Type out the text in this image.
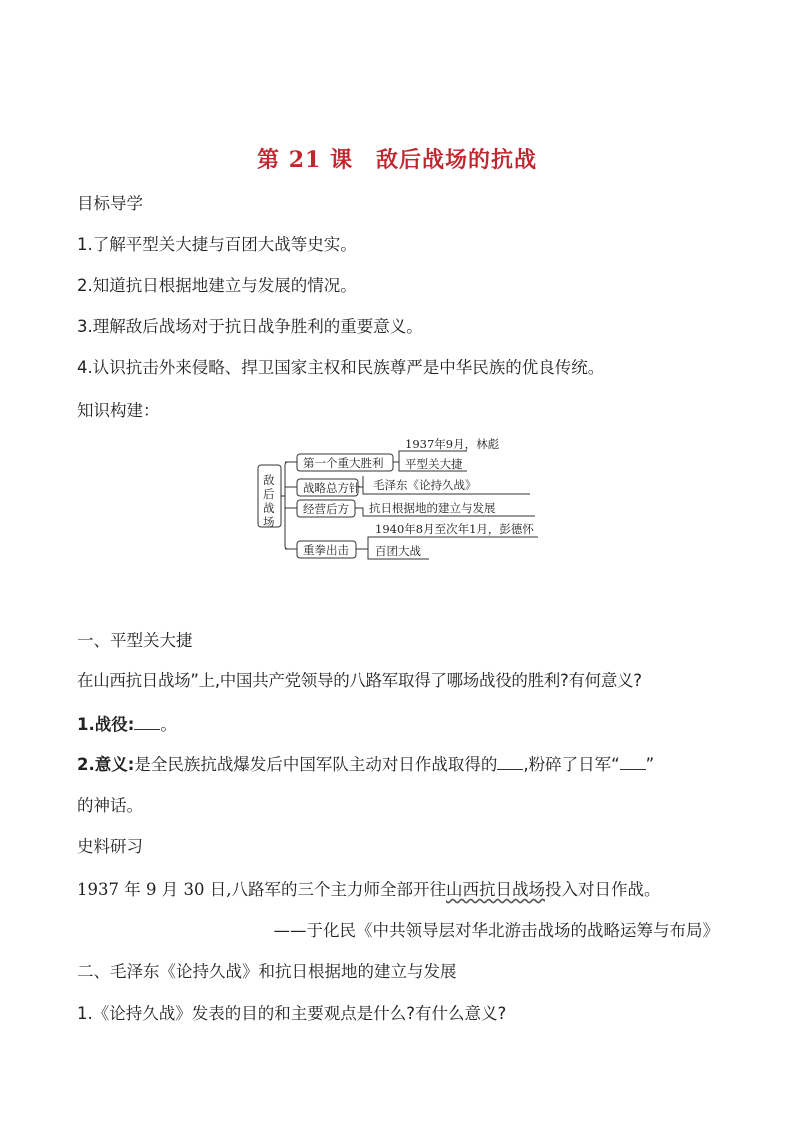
第 21 课　敌后战场的抗战
目标导学
1.了解平型关大捷与百团大战等史实。
2.知道抗日根据地建立与发展的情况。
3.理解敌后战场对于抗日战争胜利的重要意义。
4.认识抗击外来侵略、捍卫国家主权和民族尊严是中华民族的优良传统。
知识构建：
敌
后
战
场
第一个重大胜利
1937年9月，林彪
平型关大捷
战略总方针 毛泽东《论持久战》
经营后方 抗日根据地的建立与发展
重拳出击
1940年8月至次年1月，彭德怀
百团大战
一、平型关大捷
在山西抗日战场”上,中国共产党领导的八路军取得了哪场战役的胜利?有何意义?
1.战役: 。
2.意义:是全民族抗战爆发后中国军队主动对日作战取得的 ,粉碎了日军“ ”
的神话。
史料研习
1937 年 9 月 30 日,八路军的三个主力师全部开往山西抗日战场投入对日作战。
——于化民《中共领导层对华北游击战场的战略运筹与布局》
二、毛泽东《论持久战》和抗日根据地的建立与发展
1.《论持久战》发表的目的和主要观点是什么?有什么意义?
